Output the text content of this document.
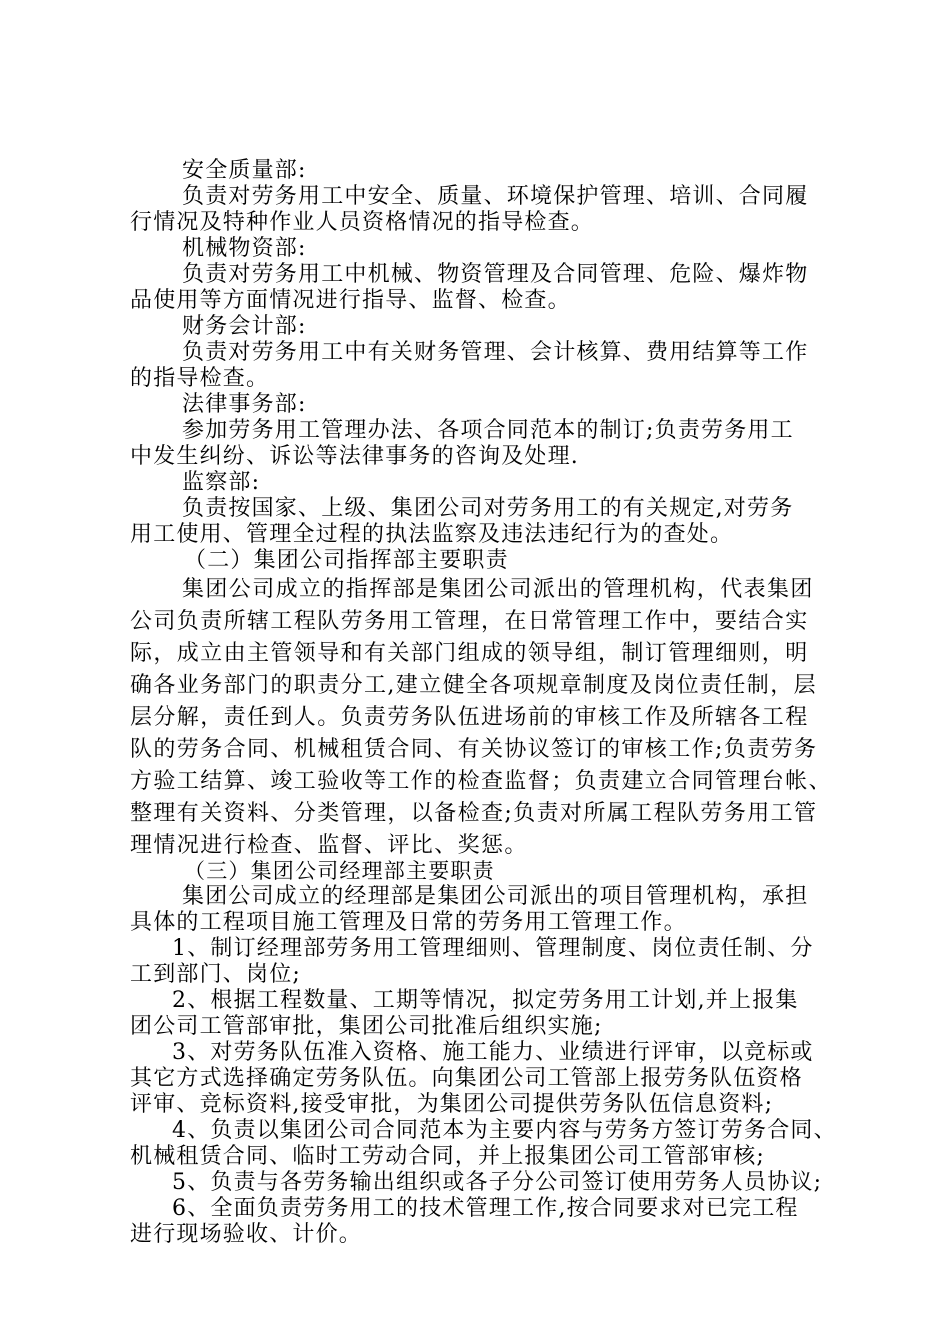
安全质量部:
负责对劳务用工中安全、质量、环境保护管理、培训、合同履
行情况及特种作业人员资格情况的指导检查。
机械物资部:
负责对劳务用工中机械、物资管理及合同管理、危险、爆炸物
品使用等方面情况进行指导、监督、检查。
财务会计部:
负责对劳务用工中有关财务管理、会计核算、费用结算等工作
的指导检查。
法律事务部:
参加劳务用工管理办法、各项合同范本的制订;负责劳务用工
中发生纠纷、诉讼等法律事务的咨询及处理.
监察部:
负责按国家、上级、集团公司对劳务用工的有关规定,对劳务
用工使用、管理全过程的执法监察及违法违纪行为的查处。
（二）集团公司指挥部主要职责
集团公司成立的指挥部是集团公司派出的管理机构，代表集团
公司负责所辖工程队劳务用工管理，在日常管理工作中，要结合实
际，成立由主管领导和有关部门组成的领导组，制订管理细则，明
确各业务部门的职责分工,建立健全各项规章制度及岗位责任制，层
层分解，责任到人。负责劳务队伍进场前的审核工作及所辖各工程
队的劳务合同、机械租赁合同、有关协议签订的审核工作;负责劳务
方验工结算、竣工验收等工作的检查监督；负责建立合同管理台帐、
整理有关资料、分类管理，以备检查;负责对所属工程队劳务用工管
理情况进行检查、监督、评比、奖惩。
（三）集团公司经理部主要职责
集团公司成立的经理部是集团公司派出的项目管理机构，承担
具体的工程项目施工管理及日常的劳务用工管理工作。
1、制订经理部劳务用工管理细则、管理制度、岗位责任制、分
工到部门、岗位;
2、根据工程数量、工期等情况，拟定劳务用工计划,并上报集
团公司工管部审批，集团公司批准后组织实施;
3、对劳务队伍准入资格、施工能力、业绩进行评审，以竞标或
其它方式选择确定劳务队伍。向集团公司工管部上报劳务队伍资格
评审、竞标资料,接受审批，为集团公司提供劳务队伍信息资料;
4、负责以集团公司合同范本为主要内容与劳务方签订劳务合同、
机械租赁合同、临时工劳动合同，并上报集团公司工管部审核;
5、负责与各劳务输出组织或各子分公司签订使用劳务人员协议;
6、全面负责劳务用工的技术管理工作,按合同要求对已完工程
进行现场验收、计价。
